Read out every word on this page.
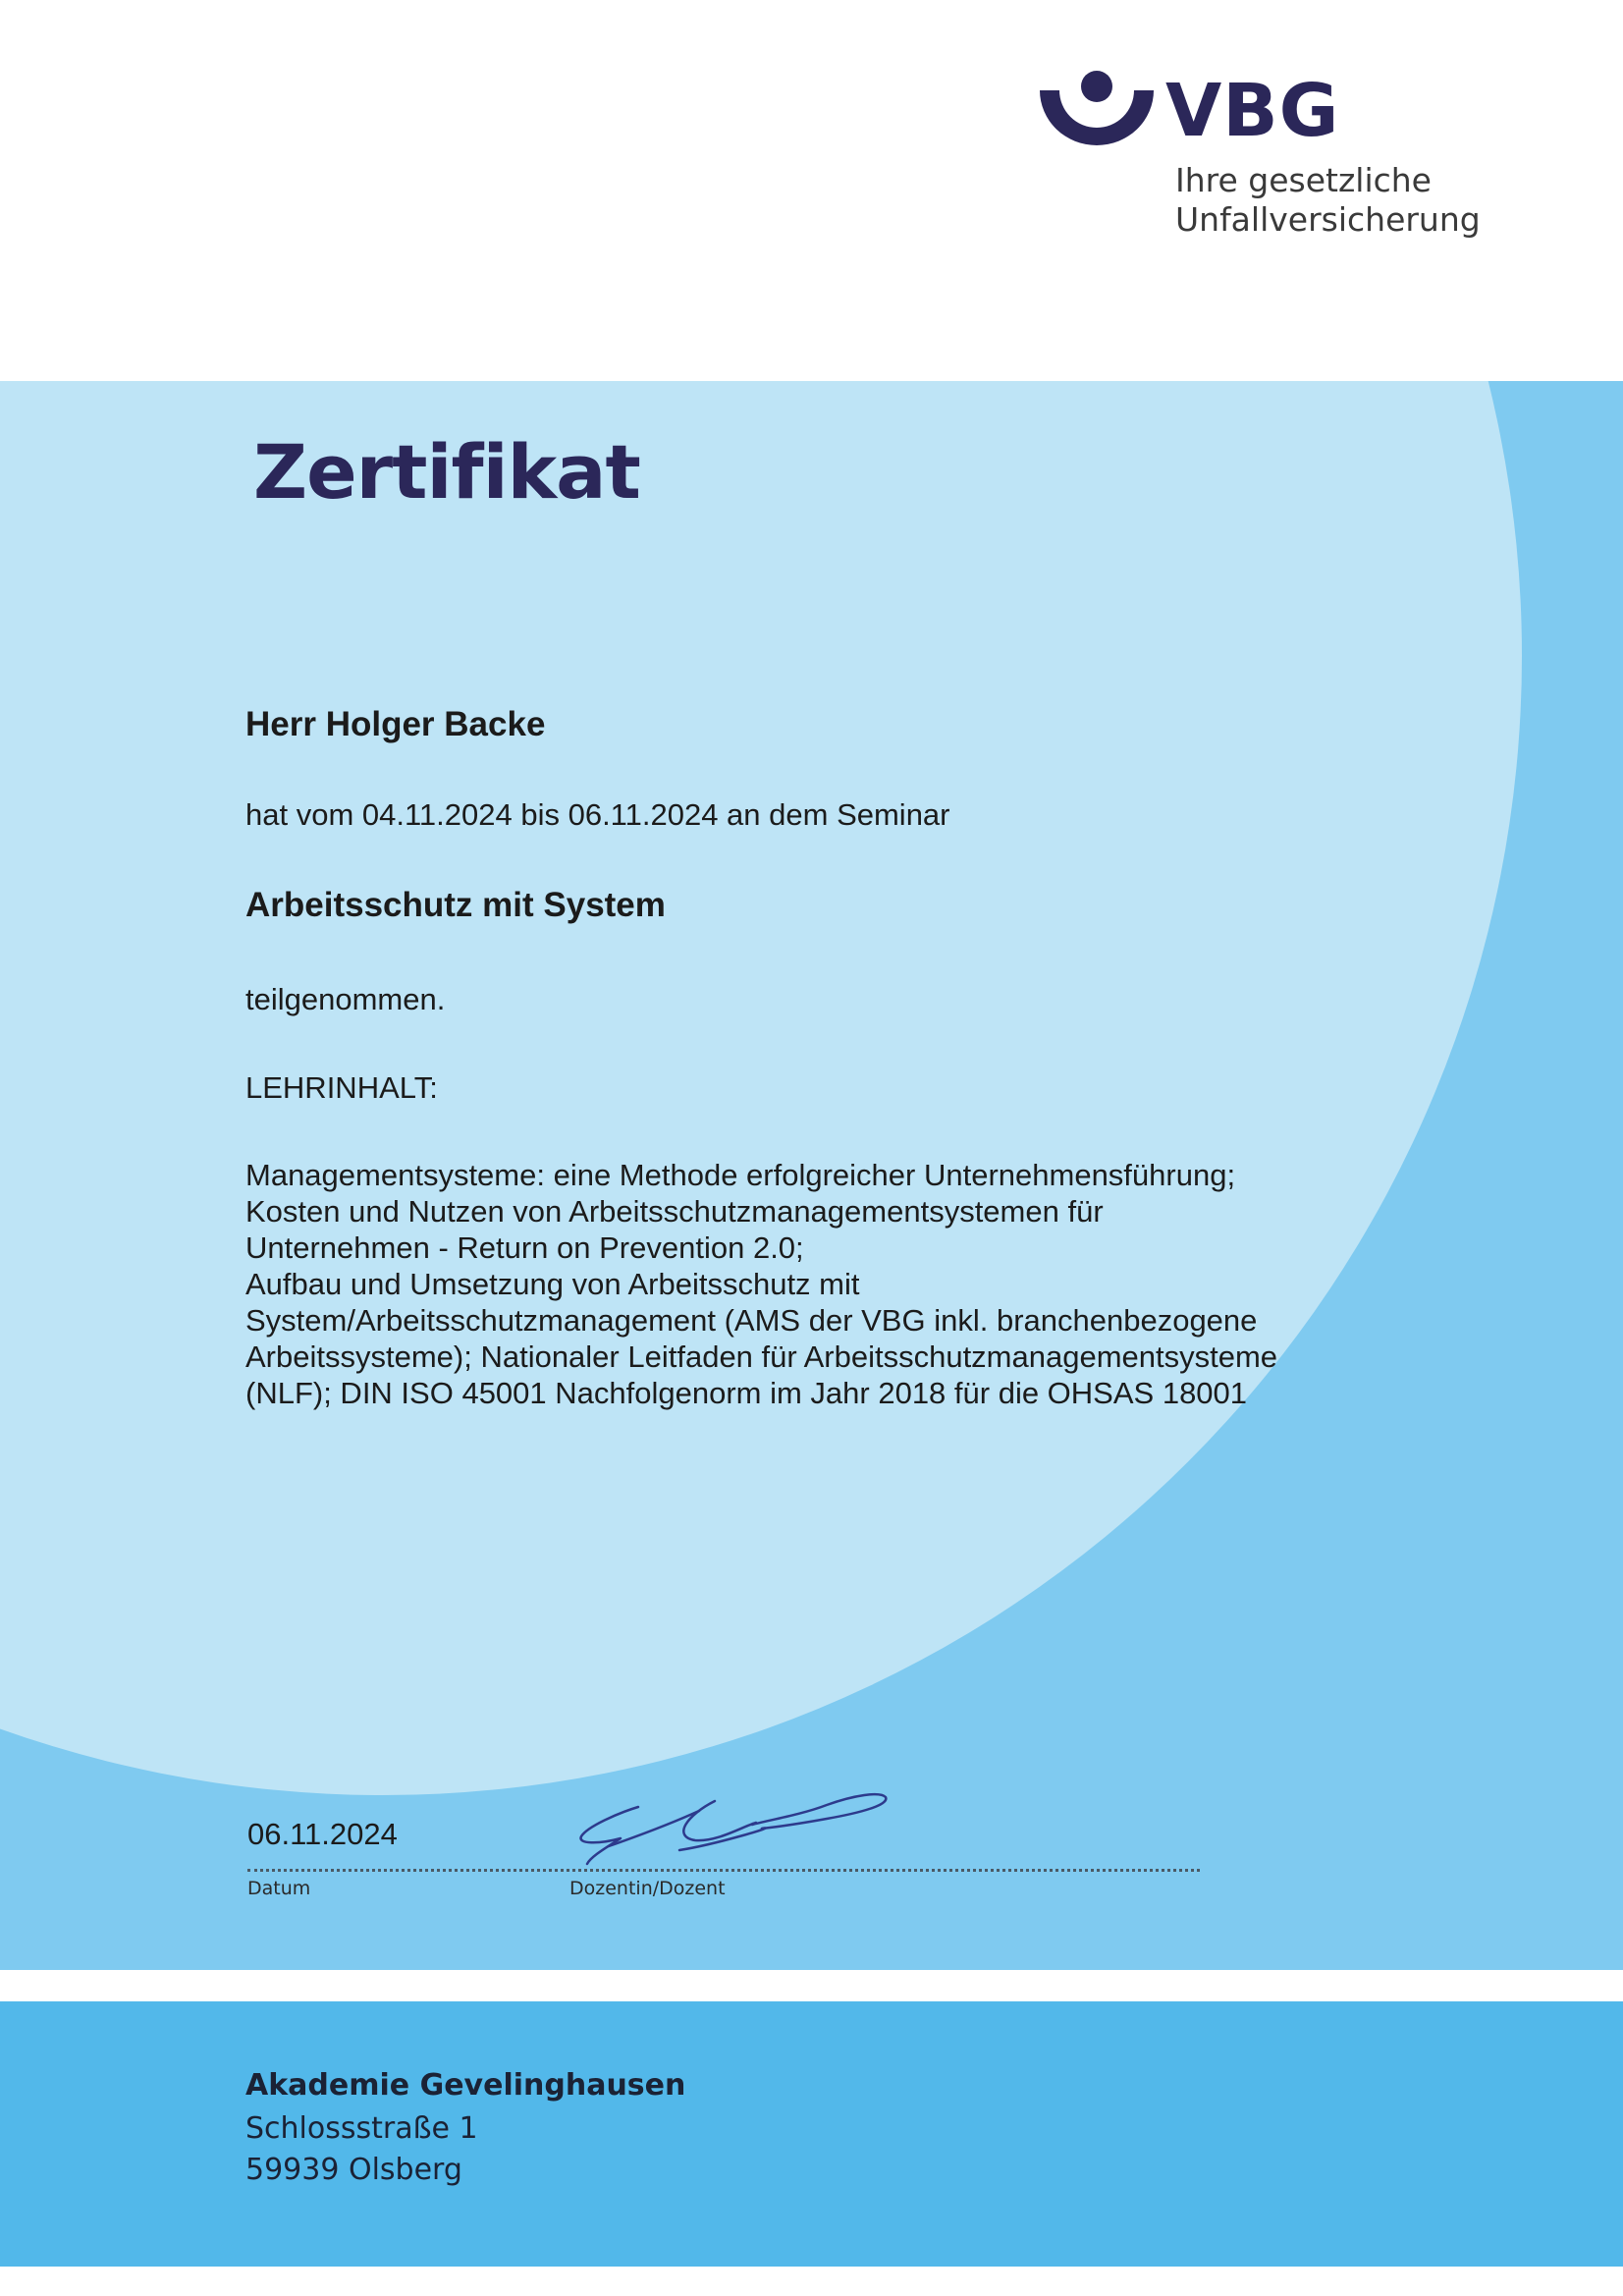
VBG
Ihre gesetzliche
Unfallversicherung
Zertifikat
Herr Holger Backe
hat vom 04.11.2024 bis 06.11.2024 an dem Seminar
Arbeitsschutz mit System
teilgenommen.
LEHRINHALT:
Managementsysteme: eine Methode erfolgreicher Unternehmensführung;
Kosten und Nutzen von Arbeitsschutzmanagementsystemen für
Unternehmen - Return on Prevention 2.0;
Aufbau und Umsetzung von Arbeitsschutz mit
System/Arbeitsschutzmanagement (AMS der VBG inkl. branchenbezogene
Arbeitssysteme); Nationaler Leitfaden für Arbeitsschutzmanagementsysteme
(NLF); DIN ISO 45001 Nachfolgenorm im Jahr 2018 für die OHSAS 18001
06.11.2024
Datum	Dozentin/Dozent
Akademie Gevelinghausen
Schlossstraße 1
59939 Olsberg
